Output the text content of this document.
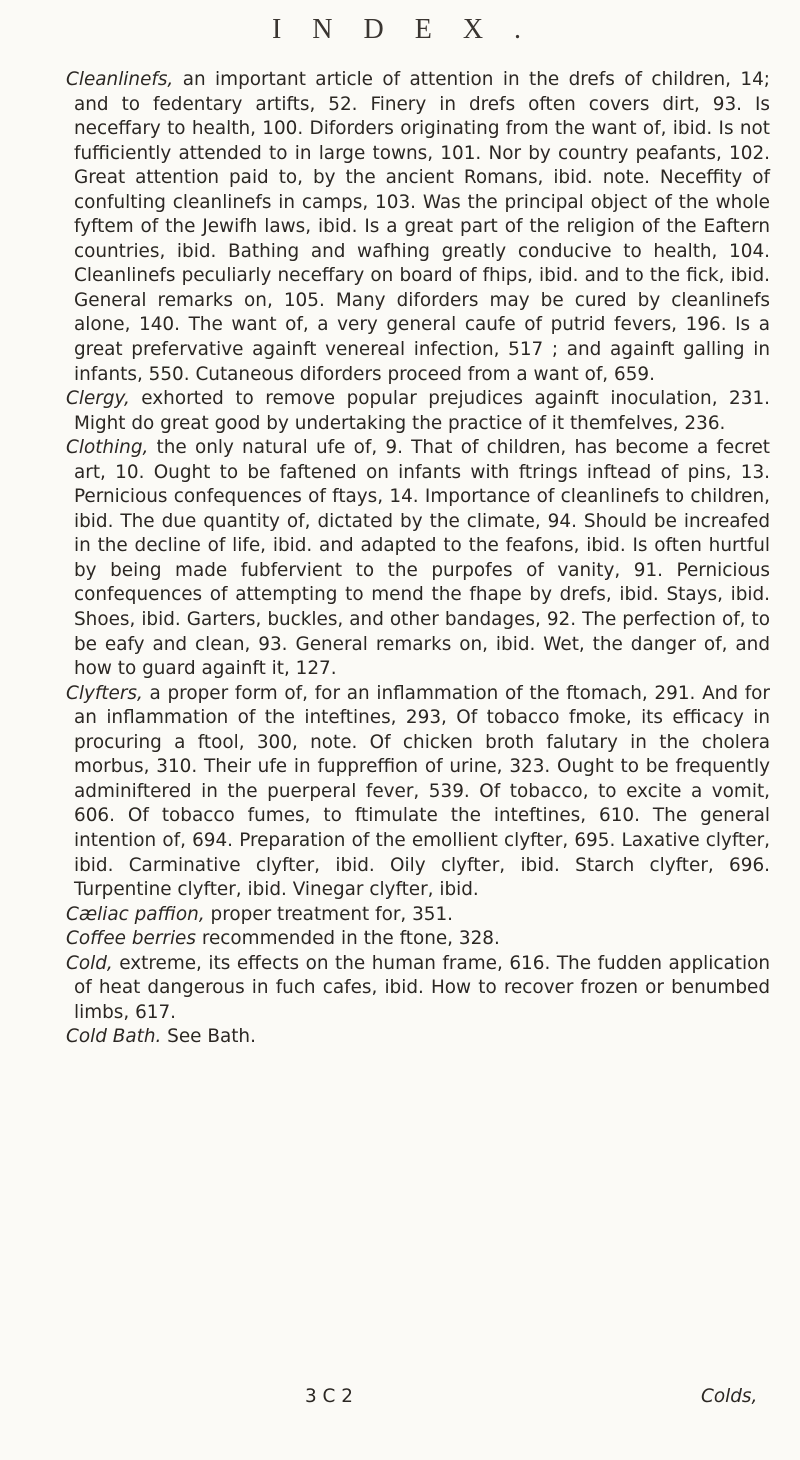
INDEX.

Cleanlinefs, an important article of attention in the drefs of children, 14; and to fedentary artifts, 52. Finery in drefs often covers dirt, 93. Is neceffary to health, 100. Diforders originating from the want of, ibid. Is not fufficiently attended to in large towns, 101. Nor by country peafants, 102. Great attention paid to, by the ancient Romans, ibid. note. Neceffity of confulting cleanlinefs in camps, 103. Was the principal object of the whole fyftem of the Jewifh laws, ibid. Is a great part of the religion of the Eaftern countries, ibid. Bathing and wafhing greatly conducive to health, 104. Cleanlinefs peculiarly neceffary on board of fhips, ibid. and to the fick, ibid. General remarks on, 105. Many diforders may be cured by cleanlinefs alone, 140. The want of, a very general caufe of putrid fevers, 196. Is a great prefervative againft venereal infection, 517 ; and againft galling in infants, 550. Cutaneous diforders proceed from a want of, 659.

Clergy, exhorted to remove popular prejudices againft inoculation, 231. Might do great good by undertaking the practice of it themfelves, 236.

Clothing, the only natural ufe of, 9. That of children, has become a fecret art, 10. Ought to be faftened on infants with ftrings inftead of pins, 13. Pernicious confequences of ftays, 14. Importance of cleanlinefs to children, ibid. The due quantity of, dictated by the climate, 94. Should be increafed in the decline of life, ibid. and adapted to the feafons, ibid. Is often hurtful by being made fubfervient to the purpofes of vanity, 91. Pernicious confequences of attempting to mend the fhape by drefs, ibid. Stays, ibid. Shoes, ibid. Garters, buckles, and other bandages, 92. The perfection of, to be eafy and clean, 93. General remarks on, ibid. Wet, the danger of, and how to guard againft it, 127.

Clyfters, a proper form of, for an inflammation of the ftomach, 291. And for an inflammation of the inteftines, 293, Of tobacco fmoke, its efficacy in procuring a ftool, 300, note. Of chicken broth falutary in the cholera morbus, 310. Their ufe in fuppreffion of urine, 323. Ought to be frequently adminiftered in the puerperal fever, 539. Of tobacco, to excite a vomit, 606. Of tobacco fumes, to ftimulate the inteftines, 610. The general intention of, 694. Preparation of the emollient clyfter, 695. Laxative clyfter, ibid. Carminative clyfter, ibid. Oily clyfter, ibid. Starch clyfter, 696. Turpentine clyfter, ibid. Vinegar clyfter, ibid.

Cæliac paffion, proper treatment for, 351.

Coffee berries recommended in the ftone, 328.

Cold, extreme, its effects on the human frame, 616. The fudden application of heat dangerous in fuch cafes, ibid. How to recover frozen or benumbed limbs, 617.

Cold Bath. See Bath.

3 C 2	Colds,
